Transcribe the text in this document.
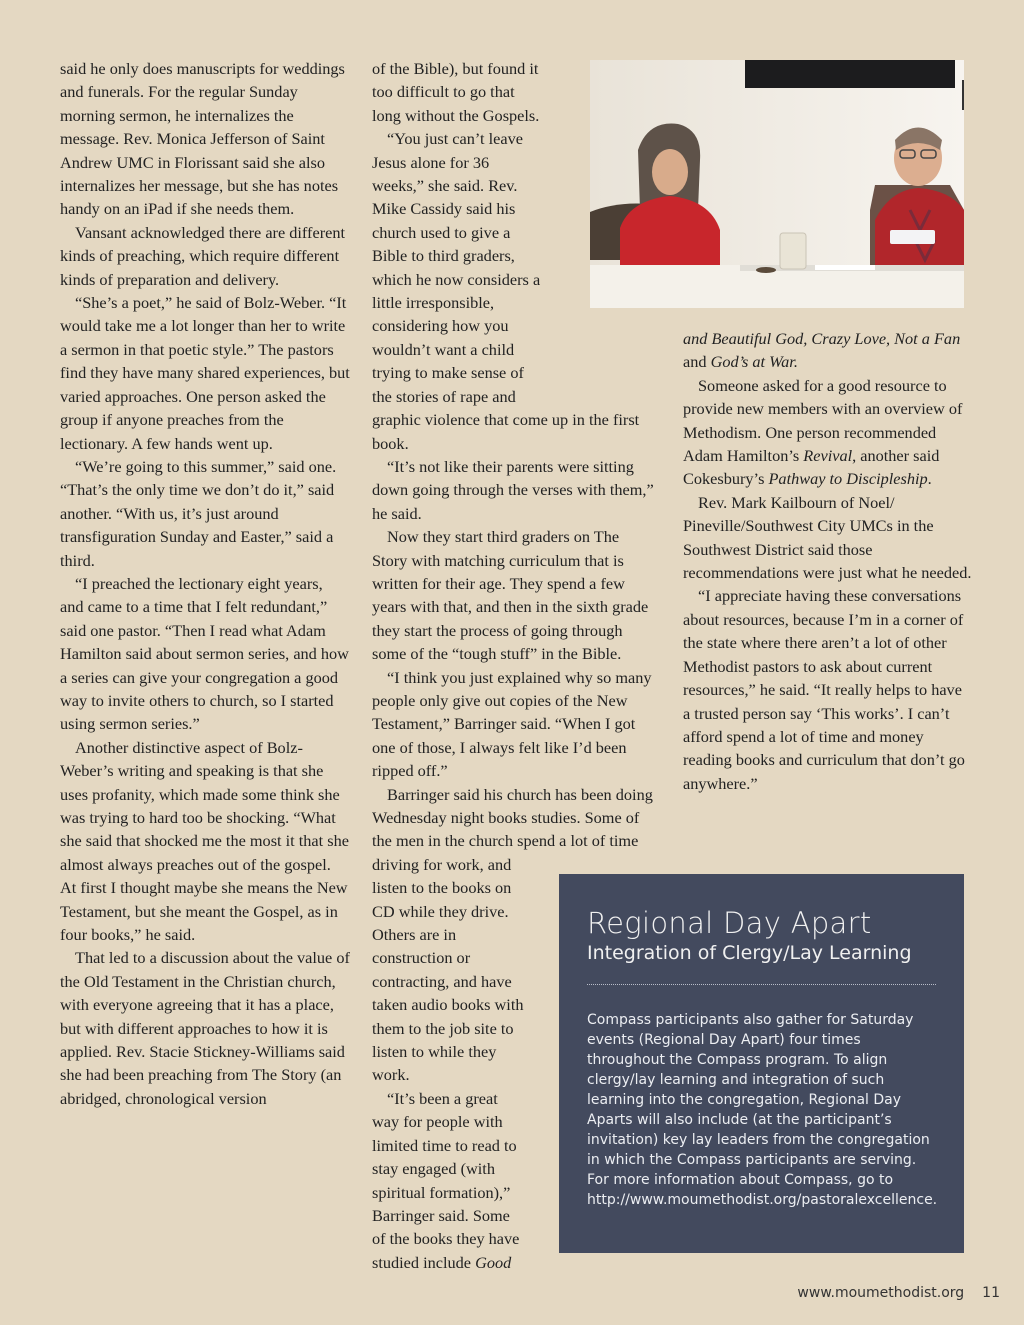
said he only does manuscripts for weddings and funerals. For the regular Sunday morning sermon, he internalizes the message. Rev. Monica Jefferson of Saint Andrew UMC in Florissant said she also internalizes her message, but she has notes handy on an iPad if she needs them.

Vansant acknowledged there are different kinds of preaching, which require different kinds of preparation and delivery.

“She’s a poet,” he said of Bolz-Weber. “It would take me a lot longer than her to write a sermon in that poetic style.” The pastors find they have many shared experiences, but varied approaches. One person asked the group if anyone preaches from the lectionary. A few hands went up.

“We’re going to this summer,” said one. “That’s the only time we don’t do it,” said another. “With us, it’s just around transfiguration Sunday and Easter,” said a third.

“I preached the lectionary eight years, and came to a time that I felt redundant,” said one pastor. “Then I read what Adam Hamilton said about sermon series, and how a series can give your congregation a good way to invite others to church, so I started using sermon series.”

Another distinctive aspect of Bolz-Weber’s writing and speaking is that she uses profanity, which made some think she was trying to hard too be shocking. “What she said that shocked me the most it that she almost always preaches out of the gospel. At first I thought maybe she means the New Testament, but she meant the Gospel, as in four books,” he said.

That led to a discussion about the value of the Old Testament in the Christian church, with everyone agreeing that it has a place, but with different approaches to how it is applied. Rev. Stacie Stickney-Williams said she had been preaching from The Story (an abridged, chronological version

of the Bible), but found it too difficult to go that long without the Gospels.

“You just can’t leave Jesus alone for 36 weeks,” she said. Rev. Mike Cassidy said his church used to give a Bible to third graders, which he now considers a little irresponsible, considering how you wouldn’t want a child trying to make sense of the stories of rape and

graphic violence that come up in the first book.

“It’s not like their parents were sitting down going through the verses with them,” he said.

Now they start third graders on The Story with matching curriculum that is written for their age. They spend a few years with that, and then in the sixth grade they start the process of going through some of the “tough stuff” in the Bible.

“I think you just explained why so many people only give out copies of the New Testament,” Barringer said. “When I got one of those, I always felt like I’d been ripped off.”

Barringer said his church has been doing Wednesday night books studies. Some of the men in the church spend a lot of time driving for work, and

listen to the books on CD while they drive. Others are in construction or contracting, and have taken audio books with them to the job site to listen to while they work.

“It’s been a great way for people with limited time to read to stay engaged (with spiritual formation),” Barringer said. Some of the books they have studied include Good

and Beautiful God, Crazy Love, Not a Fan and God’s at War.

Someone asked for a good resource to provide new members with an overview of Methodism. One person recommended Adam Hamilton’s Revival, another said Cokesbury’s Pathway to Discipleship.

Rev. Mark Kailbourn of Noel/ Pineville/Southwest City UMCs in the Southwest District said those recommendations were just what he needed.

“I appreciate having these conversations about resources, because I’m in a corner of the state where there aren’t a lot of other Methodist pastors to ask about current resources,” he said. “It really helps to have a trusted person say ‘This works’. I can’t afford spend a lot of time and money reading books and curriculum that don’t go anywhere.”

Regional Day Apart
Integration of Clergy/Lay Learning
Compass participants also gather for Saturday events (Regional Day Apart) four times throughout the Compass program. To align clergy/lay learning and integration of such learning into the congregation, Regional Day Aparts will also include (at the participant’s invitation) key lay leaders from the congregation in which the Compass participants are serving. For more information about Compass, go to http://www.moumethodist.org/pastoralexcellence.
www.moumethodist.org 11
